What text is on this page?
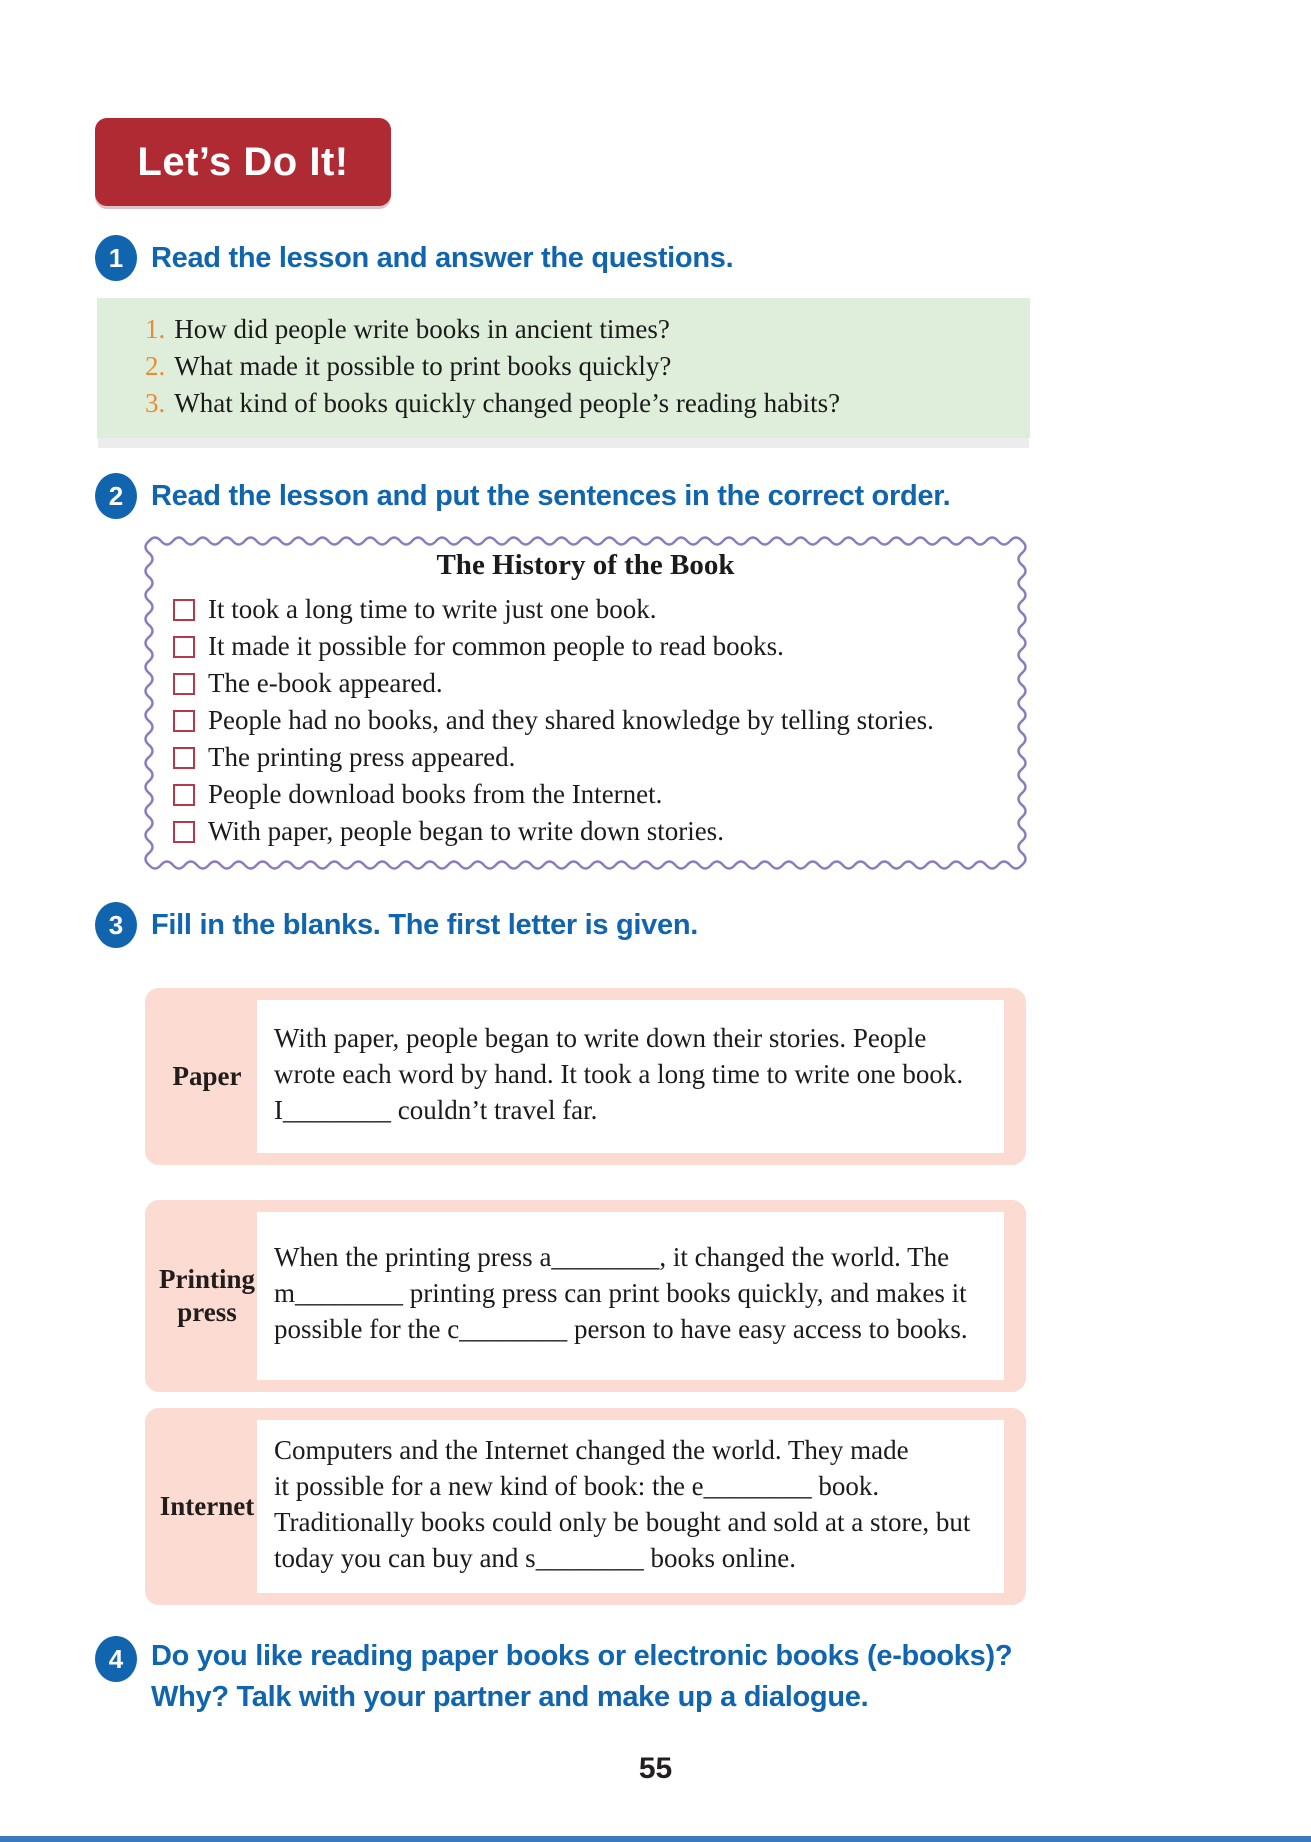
Let’s Do It!
1 Read the lesson and answer the questions.
1. How did people write books in ancient times?
2. What made it possible to print books quickly?
3. What kind of books quickly changed people’s reading habits?
2 Read the lesson and put the sentences in the correct order.
The History of the Book
It took a long time to write just one book.
It made it possible for common people to read books.
The e-book appeared.
People had no books, and they shared knowledge by telling stories.
The printing press appeared.
People download books from the Internet.
With paper, people began to write down stories.
3 Fill in the blanks. The first letter is given.
Paper
With paper, people began to write down their stories. People
wrote each word by hand. It took a long time to write one book.
I________ couldn’t travel far.
Printing press
When the printing press a________, it changed the world. The
m________ printing press can print books quickly, and makes it
possible for the c________ person to have easy access to books.
Internet
Computers and the Internet changed the world. They made
it possible for a new kind of book: the e________ book.
Traditionally books could only be bought and sold at a store, but
today you can buy and s________ books online.
4 Do you like reading paper books or electronic books (e-books)?
Why? Talk with your partner and make up a dialogue.
55
